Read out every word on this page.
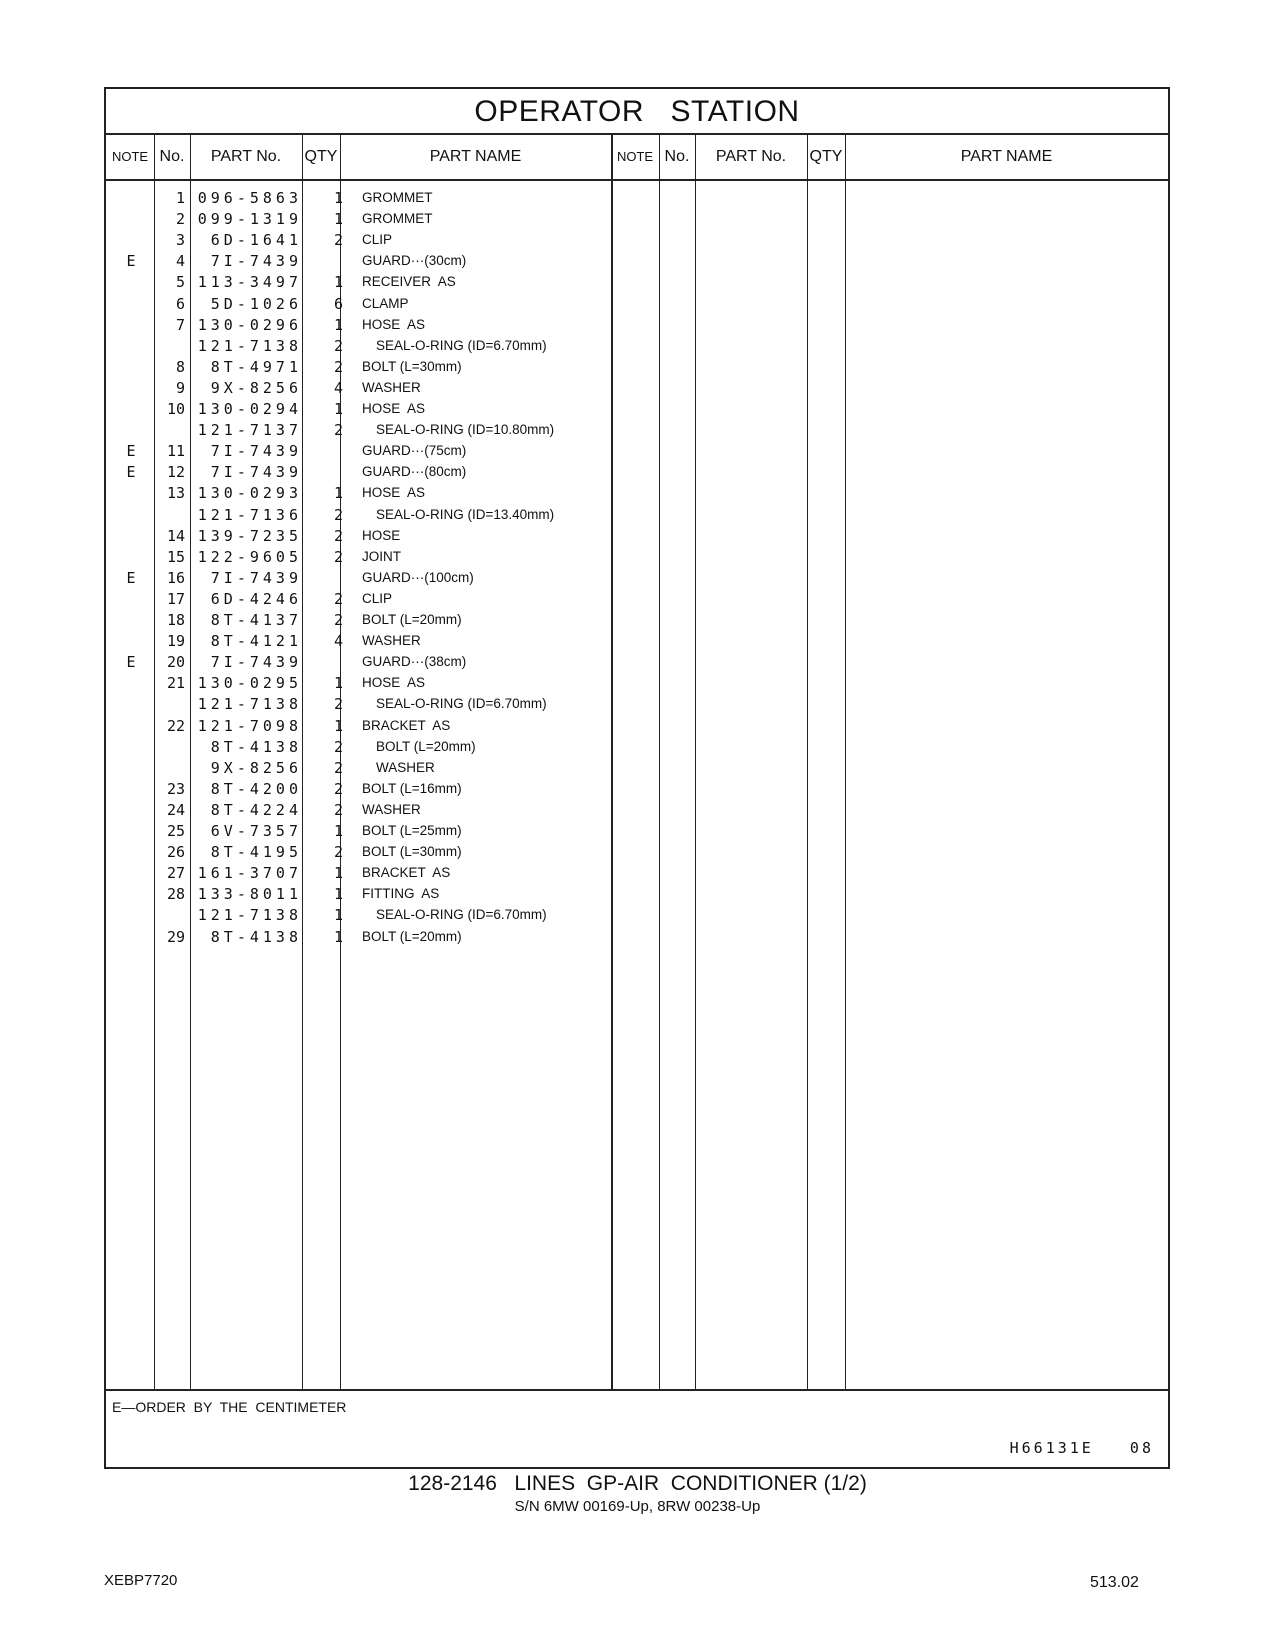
OPERATOR   STATION
NOTE No.	PART No.	QTY	PART NAME	NOTE No.	PART No.	QTY	PART NAME
1 096-5863	1 GROMMET
2 099-1319	1 GROMMET
3	6D-1641	2 CLIP
E	4	7I-7439	GUARD···(30cm)
5 113-3497	1 RECEIVER  AS
6	5D-1026	6 CLAMP
7 130-0296	1 HOSE  AS
121-7138	2 SEAL-O-RING (ID=6.70mm)
8	8T-4971	2 BOLT (L=30mm)
9	9X-8256	4 WASHER
10 130-0294	1 HOSE  AS
121-7137	2 SEAL-O-RING (ID=10.80mm)
E	11	7I-7439	GUARD···(75cm)
E	12	7I-7439	GUARD···(80cm)
13 130-0293	1 HOSE  AS
121-7136	2 SEAL-O-RING (ID=13.40mm)
14 139-7235	2 HOSE
15 122-9605	2 JOINT
E	16	7I-7439	GUARD···(100cm)
17	6D-4246	2 CLIP
18	8T-4137	2 BOLT (L=20mm)
19	8T-4121	4 WASHER
E	20	7I-7439	GUARD···(38cm)
21 130-0295	1 HOSE  AS
121-7138	2 SEAL-O-RING (ID=6.70mm)
22 121-7098	1 BRACKET  AS
8T-4138	2 BOLT (L=20mm)
9X-8256	2 WASHER
23	8T-4200	2 BOLT (L=16mm)
24	8T-4224	2 WASHER
25	6V-7357	1 BOLT (L=25mm)
26	8T-4195	2 BOLT (L=30mm)
27 161-3707	1 BRACKET  AS
28 133-8011	1 FITTING  AS
121-7138	1 SEAL-O-RING (ID=6.70mm)
29	8T-4138	1 BOLT (L=20mm)
E—ORDER  BY  THE  CENTIMETER
H66131E   08
128-2146   LINES  GP-AIR  CONDITIONER (1/2)
S/N 6MW 00169-Up, 8RW 00238-Up
XEBP7720	513.02
